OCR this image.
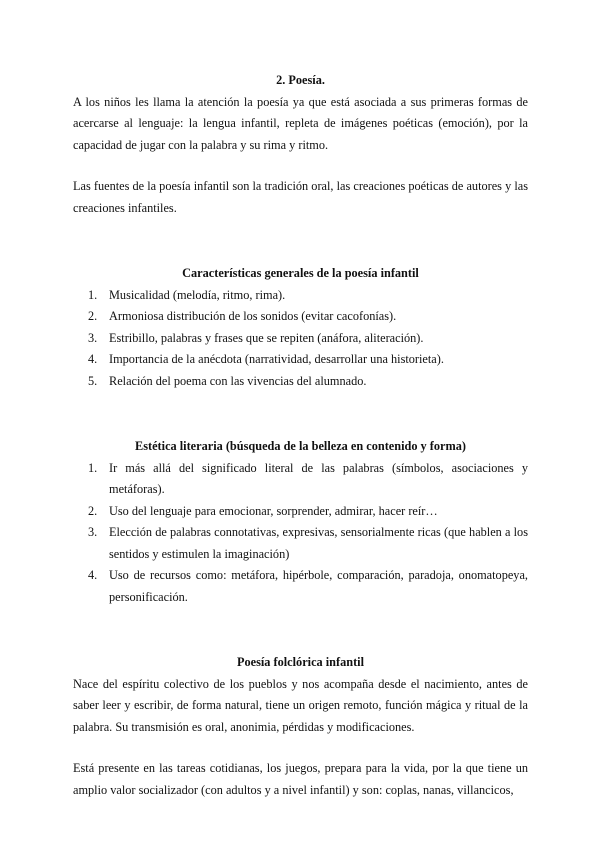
2. Poesía.

A los niños les llama la atención la poesía ya que está asociada a sus primeras formas de acercarse al lenguaje: la lengua infantil, repleta de imágenes poéticas (emoción), por la capacidad de jugar con la palabra y su rima y ritmo.

Las fuentes de la poesía infantil son la tradición oral, las creaciones poéticas de autores y las creaciones infantiles.

Características generales de la poesía infantil
1. Musicalidad (melodía, ritmo, rima).
2. Armoniosa distribución de los sonidos (evitar cacofonías).
3. Estribillo, palabras y frases que se repiten (anáfora, aliteración).
4. Importancia de la anécdota (narratividad, desarrollar una historieta).
5. Relación del poema con las vivencias del alumnado.
Estética literaria (búsqueda de la belleza en contenido y forma)
1. Ir más allá del significado literal de las palabras (símbolos, asociaciones y metáforas).
2. Uso del lenguaje para emocionar, sorprender, admirar, hacer reír…
3. Elección de palabras connotativas, expresivas, sensorialmente ricas (que hablen a los sentidos y estimulen la imaginación)
4. Uso de recursos como: metáfora, hipérbole, comparación, paradoja, onomatopeya, personificación.
Poesía folclórica infantil

Nace del espíritu colectivo de los pueblos y nos acompaña desde el nacimiento, antes de saber leer y escribir, de forma natural, tiene un origen remoto, función mágica y ritual de la palabra. Su transmisión es oral, anonimia, pérdidas y modificaciones.

Está presente en las tareas cotidianas, los juegos, prepara para la vida, por la que tiene un amplio valor socializador (con adultos y a nivel infantil) y son: coplas, nanas, villancicos,
